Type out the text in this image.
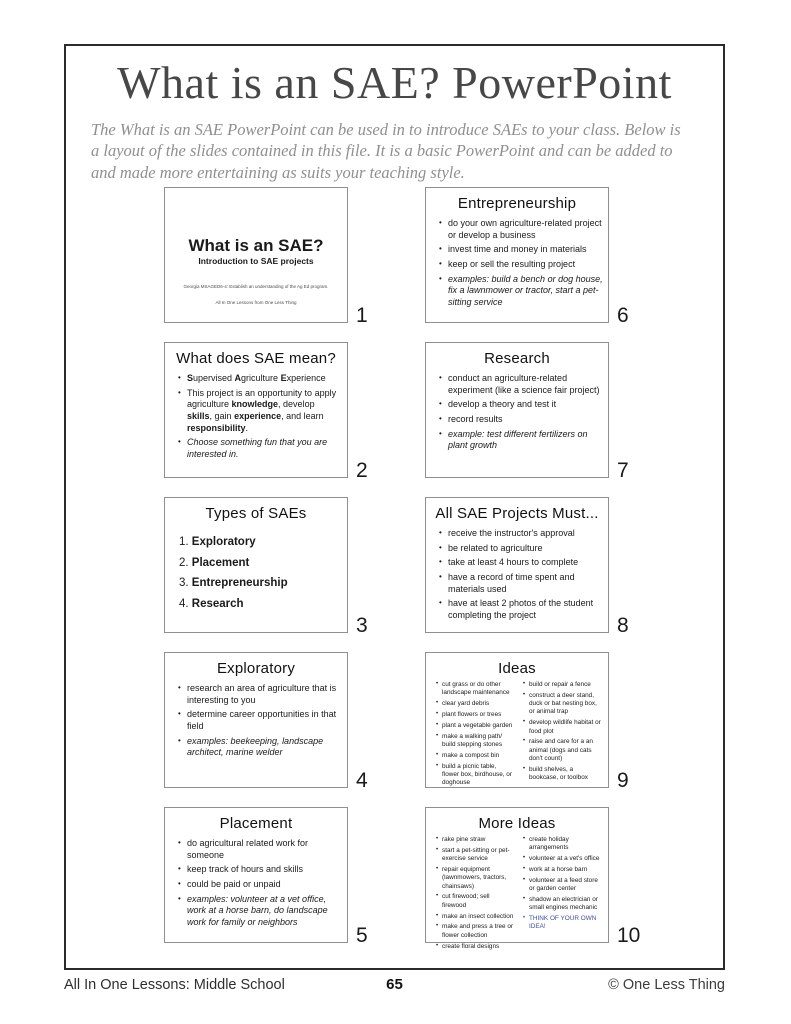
What is an SAE? PowerPoint
The What is an SAE PowerPoint can be used in to introduce SAEs to your class. Below is a layout of the slides contained in this file. It is a basic PowerPoint and can be added to and made more entertaining as suits your teaching style.
1
What is an SAE?
Introduction to SAE projects
Georgia MSAGED6-4: Establish an understanding of the Ag Ed program.
All In One Lessons from One Less Thing
2
What does SAE mean?
• Supervised Agriculture Experience
• This project is an opportunity to apply agriculture knowledge, develop skills, gain experience, and learn responsibility.
• Choose something fun that you are interested in.
3
Types of SAEs
1. Exploratory
2. Placement
3. Entrepreneurship
4. Research
4
Exploratory
• research an area of agriculture that is interesting to you
• determine career opportunities in that field
• examples: beekeeping, landscape architect, marine welder
5
Placement
• do agricultural related work for someone
• keep track of hours and skills
• could be paid or unpaid
• examples: volunteer at a vet office, work at a horse barn, do landscape work for family or neighbors
6
Entrepreneurship
• do your own agriculture-related project or develop a business
• invest time and money in materials
• keep or sell the resulting project
• examples: build a bench or dog house, fix a lawnmower or tractor, start a pet-sitting service
7
Research
• conduct an agriculture-related experiment (like a science fair project)
• develop a theory and test it
• record results
• example: test different fertilizers on plant growth
8
All SAE Projects Must...
• receive the instructor's approval
• be related to agriculture
• take at least 4 hours to complete
• have a record of time spent and materials used
• have at least 2 photos of the student completing the project
9
Ideas
• cut grass or do other landscape maintenance
• clear yard debris
• plant flowers or trees
• plant a vegetable garden
• make a walking path/ build stepping stones
• make a compost bin
• build a picnic table, flower box, birdhouse, or doghouse
• build or repair a fence
• construct a deer stand, duck or bat nesting box, or animal trap
• develop wildlife habitat or food plot
• raise and care for a an animal (dogs and cats don't count)
• build shelves, a bookcase, or toolbox
10
More Ideas
• rake pine straw
• start a pet-sitting or pet-exercise service
• repair equipment (lawnmowers, tractors, chainsaws)
• cut firewood; sell firewood
• make an insect collection
• make and press a tree or flower collection
• create floral designs
• create holiday arrangements
• volunteer at a vet's office
• work at a horse barn
• volunteer at a feed store or garden center
• shadow an electrician or small engines mechanic
• THINK OF YOUR OWN IDEA!
All In One Lessons: Middle School	65	© One Less Thing
